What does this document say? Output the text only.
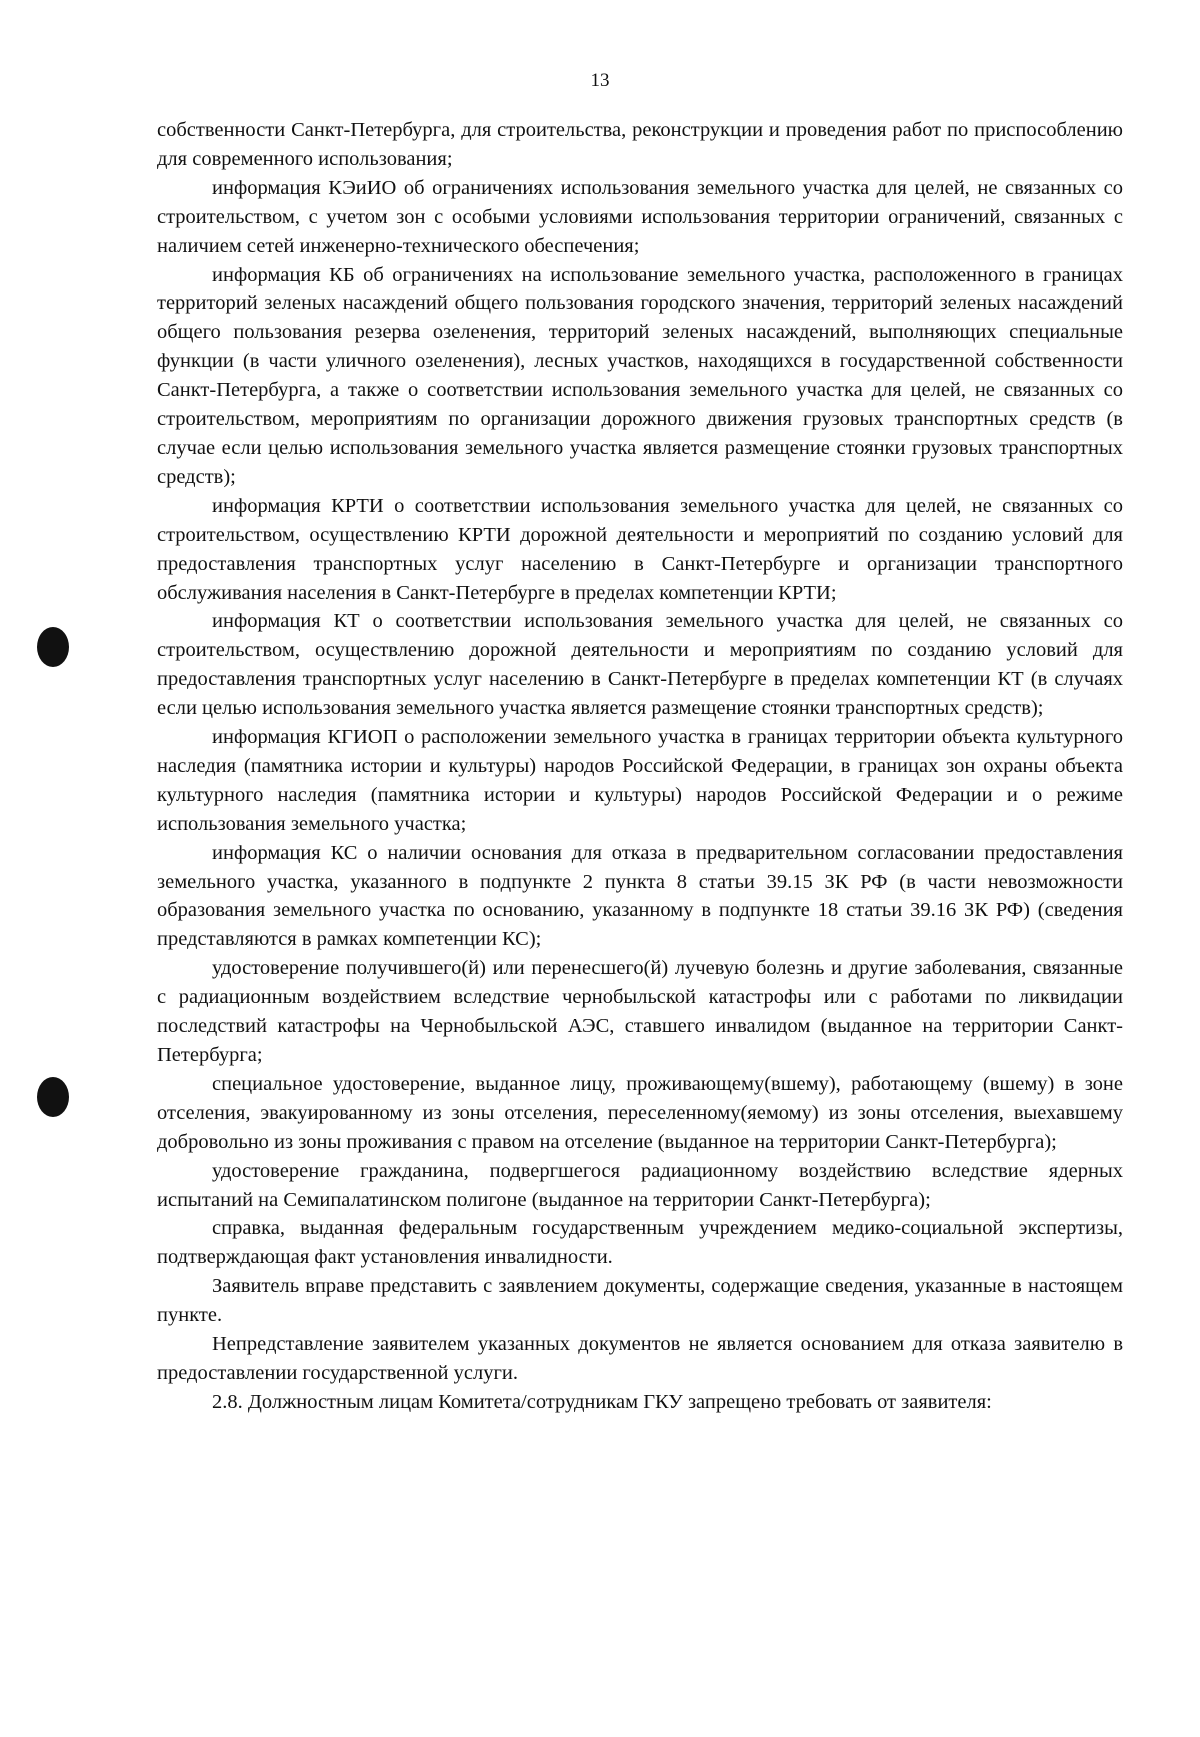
13

собственности Санкт-Петербурга, для строительства, реконструкции и проведения работ по приспособлению для современного использования;

информация КЭиИО об ограничениях использования земельного участка для целей, не связанных со строительством, с учетом зон с особыми условиями использования территории ограничений, связанных с наличием сетей инженерно-технического обеспечения;

информация КБ об ограничениях на использование земельного участка, расположенного в границах территорий зеленых насаждений общего пользования городского значения, территорий зеленых насаждений общего пользования резерва озеленения, территорий зеленых насаждений, выполняющих специальные функции (в части уличного озеленения), лесных участков, находящихся в государственной собственности Санкт-Петербурга, а также о соответствии использования земельного участка для целей, не связанных со строительством, мероприятиям по организации дорожного движения грузовых транспортных средств (в случае если целью использования земельного участка является размещение стоянки грузовых транспортных средств);

информация КРТИ о соответствии использования земельного участка для целей, не связанных со строительством, осуществлению КРТИ дорожной деятельности и мероприятий по созданию условий для предоставления транспортных услуг населению в Санкт-Петербурге и организации транспортного обслуживания населения в Санкт-Петербурге в пределах компетенции КРТИ;

информация КТ о соответствии использования земельного участка для целей, не связанных со строительством, осуществлению дорожной деятельности и мероприятиям по созданию условий для предоставления транспортных услуг населению в Санкт-Петербурге в пределах компетенции КТ (в случаях если целью использования земельного участка является размещение стоянки транспортных средств);

информация КГИОП о расположении земельного участка в границах территории объекта культурного наследия (памятника истории и культуры) народов Российской Федерации, в границах зон охраны объекта культурного наследия (памятника истории и культуры) народов Российской Федерации и о режиме использования земельного участка;

информация КС о наличии основания для отказа в предварительном согласовании предоставления земельного участка, указанного в подпункте 2 пункта 8 статьи 39.15 ЗК РФ (в части невозможности образования земельного участка по основанию, указанному в подпункте 18 статьи 39.16 ЗК РФ) (сведения представляются в рамках компетенции КС);

удостоверение получившего(й) или перенесшего(й) лучевую болезнь и другие заболевания, связанные с радиационным воздействием вследствие чернобыльской катастрофы или с работами по ликвидации последствий катастрофы на Чернобыльской АЭС, ставшего инвалидом (выданное на территории Санкт-Петербурга;

специальное удостоверение, выданное лицу, проживающему(вшему), работающему (вшему) в зоне отселения, эвакуированному из зоны отселения, переселенному(яемому) из зоны отселения, выехавшему добровольно из зоны проживания с правом на отселение (выданное на территории Санкт-Петербурга);

удостоверение гражданина, подвергшегося радиационному воздействию вследствие ядерных испытаний на Семипалатинском полигоне (выданное на территории Санкт-Петербурга);

справка, выданная федеральным государственным учреждением медико-социальной экспертизы, подтверждающая факт установления инвалидности.

Заявитель вправе представить с заявлением документы, содержащие сведения, указанные в настоящем пункте.

Непредставление заявителем указанных документов не является основанием для отказа заявителю в предоставлении государственной услуги.

2.8. Должностным лицам Комитета/сотрудникам ГКУ запрещено требовать от заявителя:
